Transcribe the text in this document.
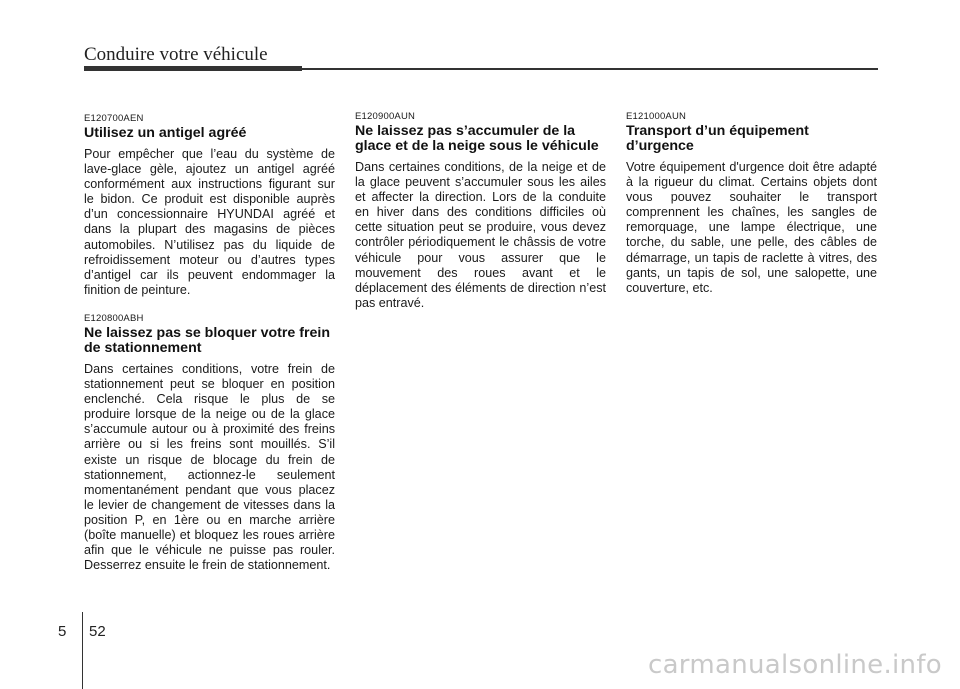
Conduire votre véhicule

E120700AEN

Utilisez un antigel agréé

Pour empêcher que l’eau du système de lave-glace gèle, ajoutez un antigel agréé conformément aux instructions figurant sur le bidon. Ce produit est disponible auprès d’un concessionnaire HYUNDAI agréé et dans la plupart des magasins de pièces automobiles. N’utilisez pas du liquide de refroidissement moteur ou d’autres types d’antigel car ils peuvent endommager la finition de peinture.

E120800ABH

Ne laissez pas se bloquer votre frein de stationnement

Dans certaines conditions, votre frein de stationnement peut se bloquer en position enclenché. Cela risque le plus de se produire lorsque de la neige ou de la glace s’accumule autour ou à proximité des freins arrière ou si les freins sont mouillés. S’il existe un risque de blocage du frein de stationnement, actionnez-le seulement momentanément pendant que vous placez le levier de changement de vitesses dans la position P, en 1ère ou en marche arrière (boîte manuelle) et bloquez les roues arrière afin que le véhicule ne puisse pas rouler. Desserrez ensuite le frein de stationnement.

E120900AUN

Ne laissez pas s’accumuler de la glace et de la neige sous le véhicule

Dans certaines conditions, de la neige et de la glace peuvent s’accumuler sous les ailes et affecter la direction. Lors de la conduite en hiver dans des conditions difficiles où cette situation peut se produire, vous devez contrôler périodiquement le châssis de votre véhicule pour vous assurer que le mouvement des roues avant et le déplacement des éléments de direction n’est pas entravé.

E121000AUN

Transport d’un équipement d’urgence

Votre équipement d'urgence doit être adapté à la rigueur du climat. Certains objets dont vous pouvez souhaiter le transport comprennent les chaînes, les sangles de remorquage, une lampe électrique, une torche, du sable, une pelle, des câbles de démarrage, un tapis de raclette à vitres, des gants, un tapis de sol, une salopette, une couverture, etc.

5 52
carmanualsonline.info
